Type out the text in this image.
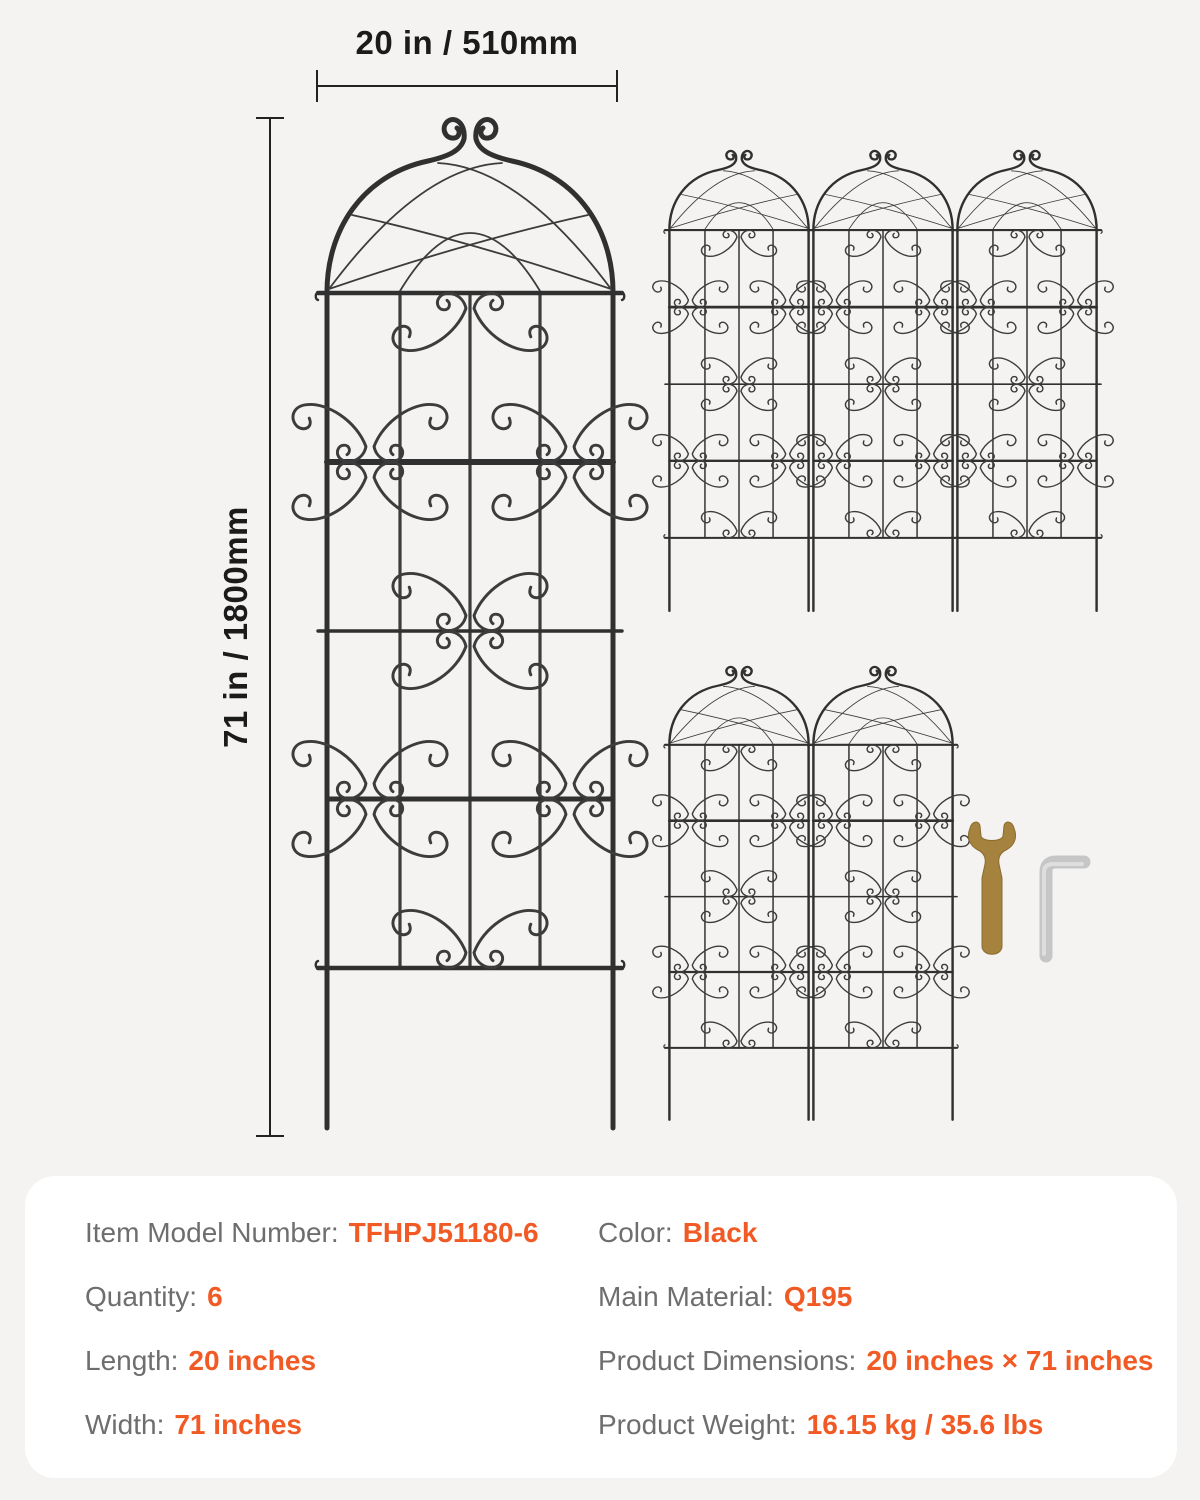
20 in / 510mm
71 in / 1800mm
Item Model Number: TFHPJ51180-6
Quantity: 6
Length: 20 inches
Width: 71 inches
Color: Black
Main Material: Q195
Product Dimensions: 20 inches × 71 inches
Product Weight: 16.15 kg / 35.6 lbs
